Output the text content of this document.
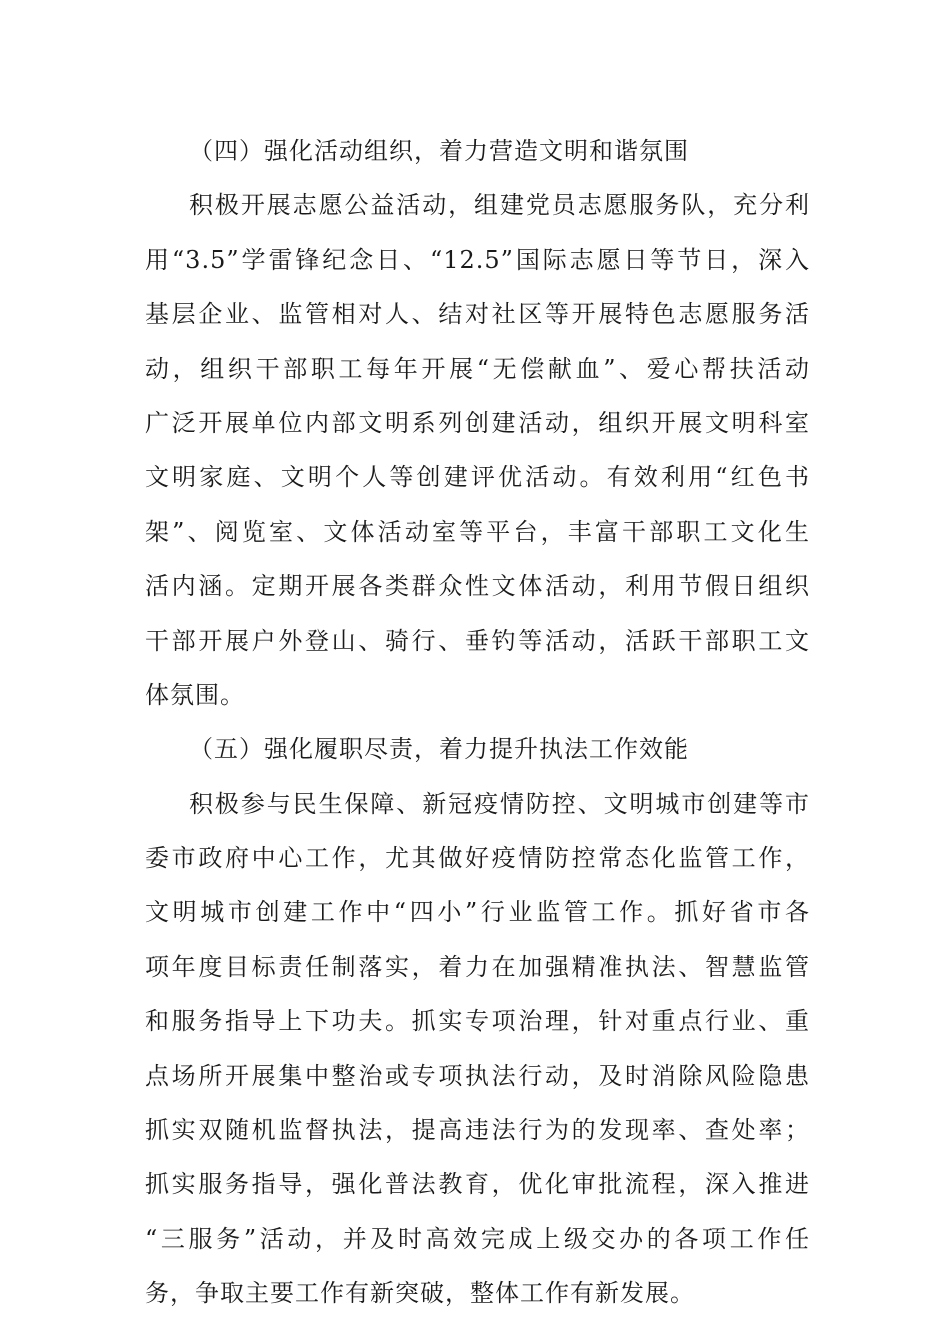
（四）强化活动组织，着力营造文明和谐氛围
积极开展志愿公益活动，组建党员志愿服务队，充分利
用“3.5”学雷锋纪念日、“12.5”国际志愿日等节日，深入
基层企业、监管相对人、结对社区等开展特色志愿服务活
动，组织干部职工每年开展“无偿献血”、爱心帮扶活动
广泛开展单位内部文明系列创建活动，组织开展文明科室
文明家庭、文明个人等创建评优活动。有效利用“红色书
架”、阅览室、文体活动室等平台，丰富干部职工文化生
活内涵。定期开展各类群众性文体活动，利用节假日组织
干部开展户外登山、骑行、垂钓等活动，活跃干部职工文
体氛围。
（五）强化履职尽责，着力提升执法工作效能
积极参与民生保障、新冠疫情防控、文明城市创建等市
委市政府中心工作，尤其做好疫情防控常态化监管工作，
文明城市创建工作中“四小”行业监管工作。抓好省市各
项年度目标责任制落实，着力在加强精准执法、智慧监管
和服务指导上下功夫。抓实专项治理，针对重点行业、重
点场所开展集中整治或专项执法行动，及时消除风险隐患
抓实双随机监督执法，提高违法行为的发现率、查处率；
抓实服务指导，强化普法教育，优化审批流程，深入推进
“三服务”活动，并及时高效完成上级交办的各项工作任
务，争取主要工作有新突破，整体工作有新发展。
